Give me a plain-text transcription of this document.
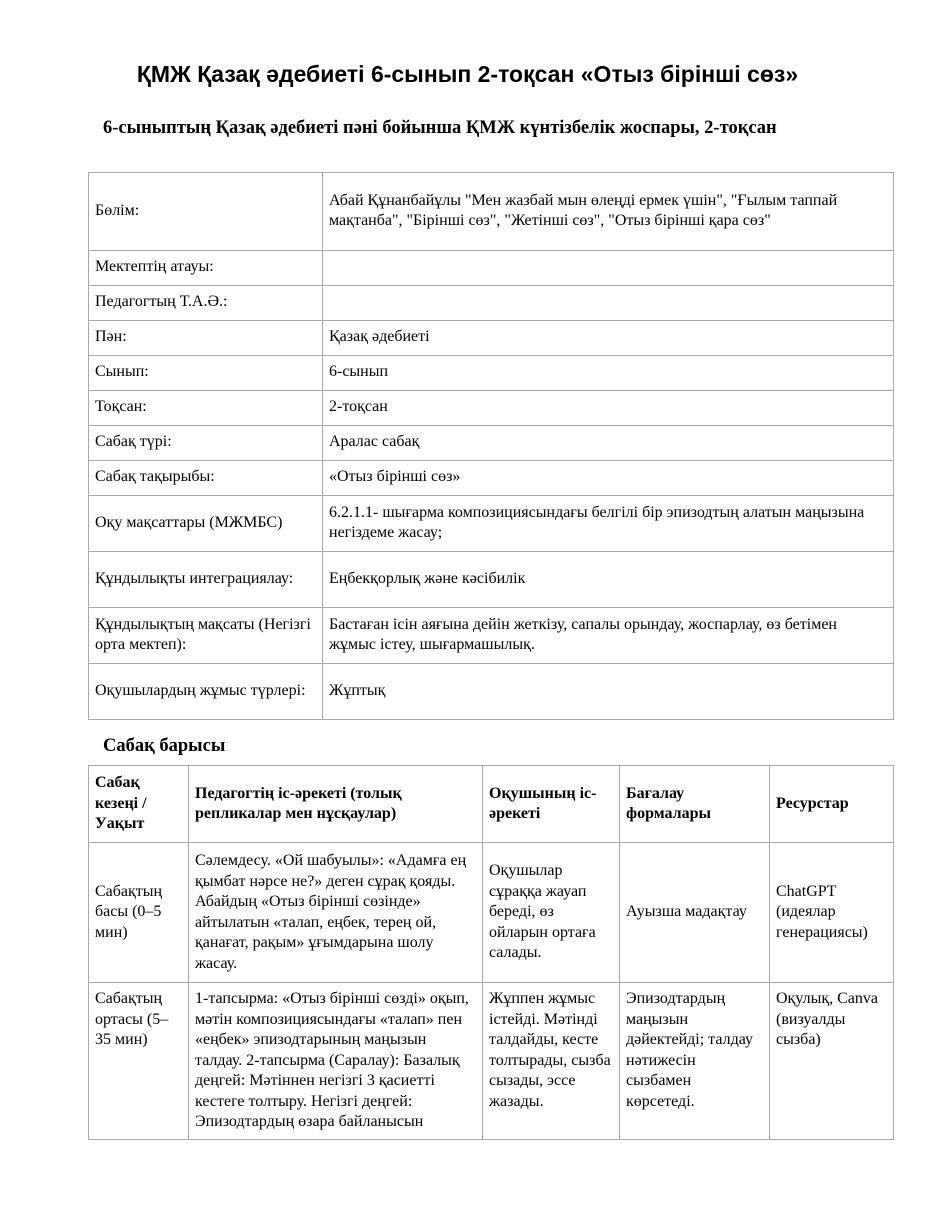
ҚМЖ Қазақ әдебиеті 6-сынып 2-тоқсан «Отыз бірінші сөз»
6-сыныптың Қазақ әдебиеті пәні бойынша ҚМЖ күнтізбелік жоспары, 2-тоқсан
Бөлім:	Абай Құнанбайұлы "Мен жазбай мын өлеңді ермек үшін", "Ғылым таппай мақтанба", "Бірінші сөз", "Жетінші сөз", "Отыз бірінші қара сөз"
Мектептің атауы:	
Педагогтың Т.А.Ә.:	
Пән:	Қазақ әдебиеті
Сынып:	6-сынып
Тоқсан:	2-тоқсан
Сабақ түрі:	Аралас сабақ
Сабақ тақырыбы:	«Отыз бірінші сөз»
Оқу мақсаттары (МЖМБС)	6.2.1.1- шығарма композициясындағы белгілі бір эпизодтың алатын маңызына негіздеме жасау;
Құндылықты интеграциялау:	Еңбекқорлық және кәсібилік
Құндылықтың мақсаты (Негізгі орта мектеп):	Бастаған ісін аяғына дейін жеткізу, сапалы орындау, жоспарлау, өз бетімен жұмыс істеу, шығармашылық.
Оқушылардың жұмыс түрлері:	Жұптық
Сабақ барысы
Сабақ кезеңі / Уақыт	Педагогтің іс-әрекеті (толық репликалар мен нұсқаулар)	Оқушының іс-әрекеті	Бағалау формалары	Ресурстар
Сабақтың басы (0–5 мин)	Сәлемдесу. «Ой шабуылы»: «Адамға ең қымбат нәрсе не?» деген сұрақ қояды. Абайдың «Отыз бірінші сөзінде» айтылатын «талап, еңбек, терең ой, қанағат, рақым» ұғымдарына шолу жасау.	Оқушылар сұраққа жауап береді, өз ойларын ортаға салады.	Ауызша мадақтау	ChatGPT (идеялар генерациясы)

Сабақтың ортасы (5–35 мин)	1-тапсырма: «Отыз бірінші сөзді» оқып, мәтін композициясындағы «талап» пен «еңбек» эпизодтарының маңызын талдау. 2-тапсырма (Саралау): Базалық деңгей: Мәтіннен негізгі 3 қасиетті кестеге толтыру. Негізгі деңгей: Эпизодтардың өзара байланысын	Жұппен жұмыс істейді. Мәтінді талдайды, кесте толтырады, сызба сызады, эссе жазады.	Эпизодтардың маңызын дәйектейді; талдау нәтижесін сызбамен көрсетеді.	Оқулық, Canva (визуалды сызба)
